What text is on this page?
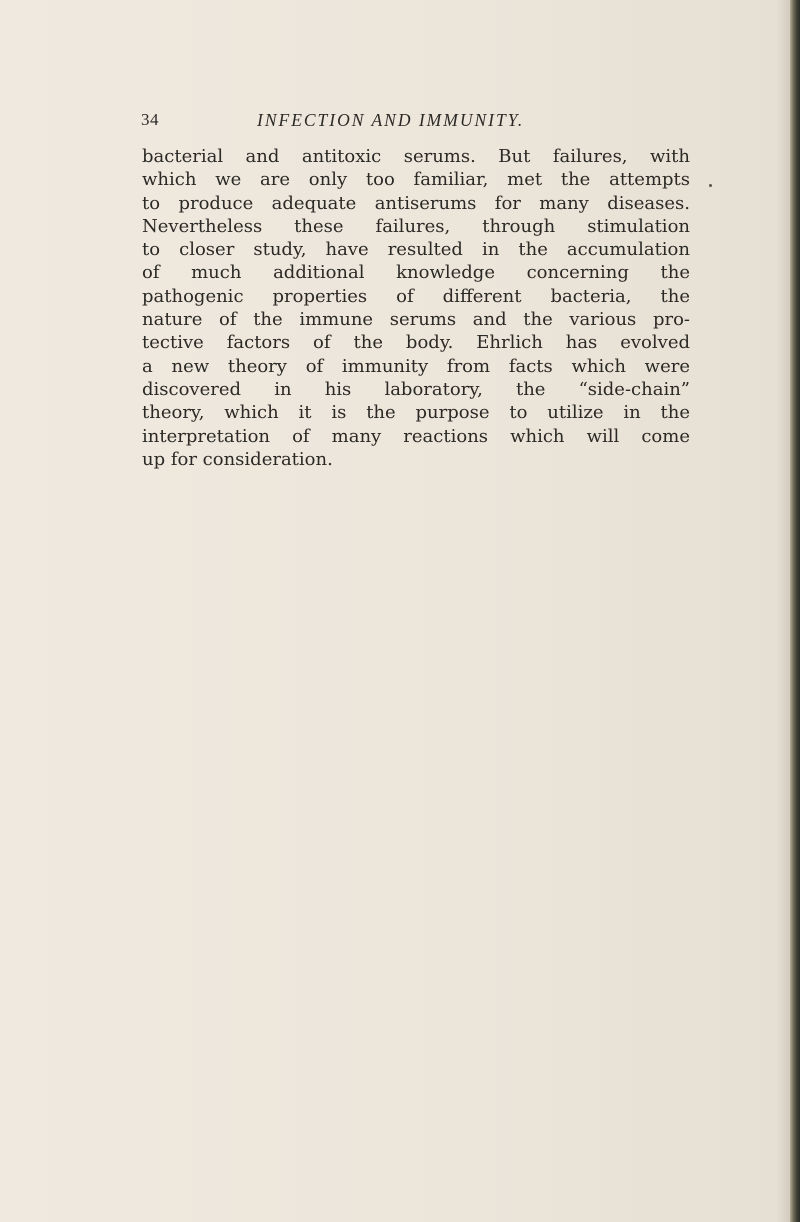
34	INFECTION AND IMMUNITY.
bacterial and antitoxic serums. But failures, with
which we are only too familiar, met the attempts
to produce adequate antiserums for many diseases.
Nevertheless these failures, through stimulation
to closer study, have resulted in the accumulation
of much additional knowledge concerning the
pathogenic properties of different bacteria, the
nature of the immune serums and the various pro-
tective factors of the body. Ehrlich has evolved
a new theory of immunity from facts which were
discovered in his laboratory, the “side-chain”
theory, which it is the purpose to utilize in the
interpretation of many reactions which will come
up for consideration.
